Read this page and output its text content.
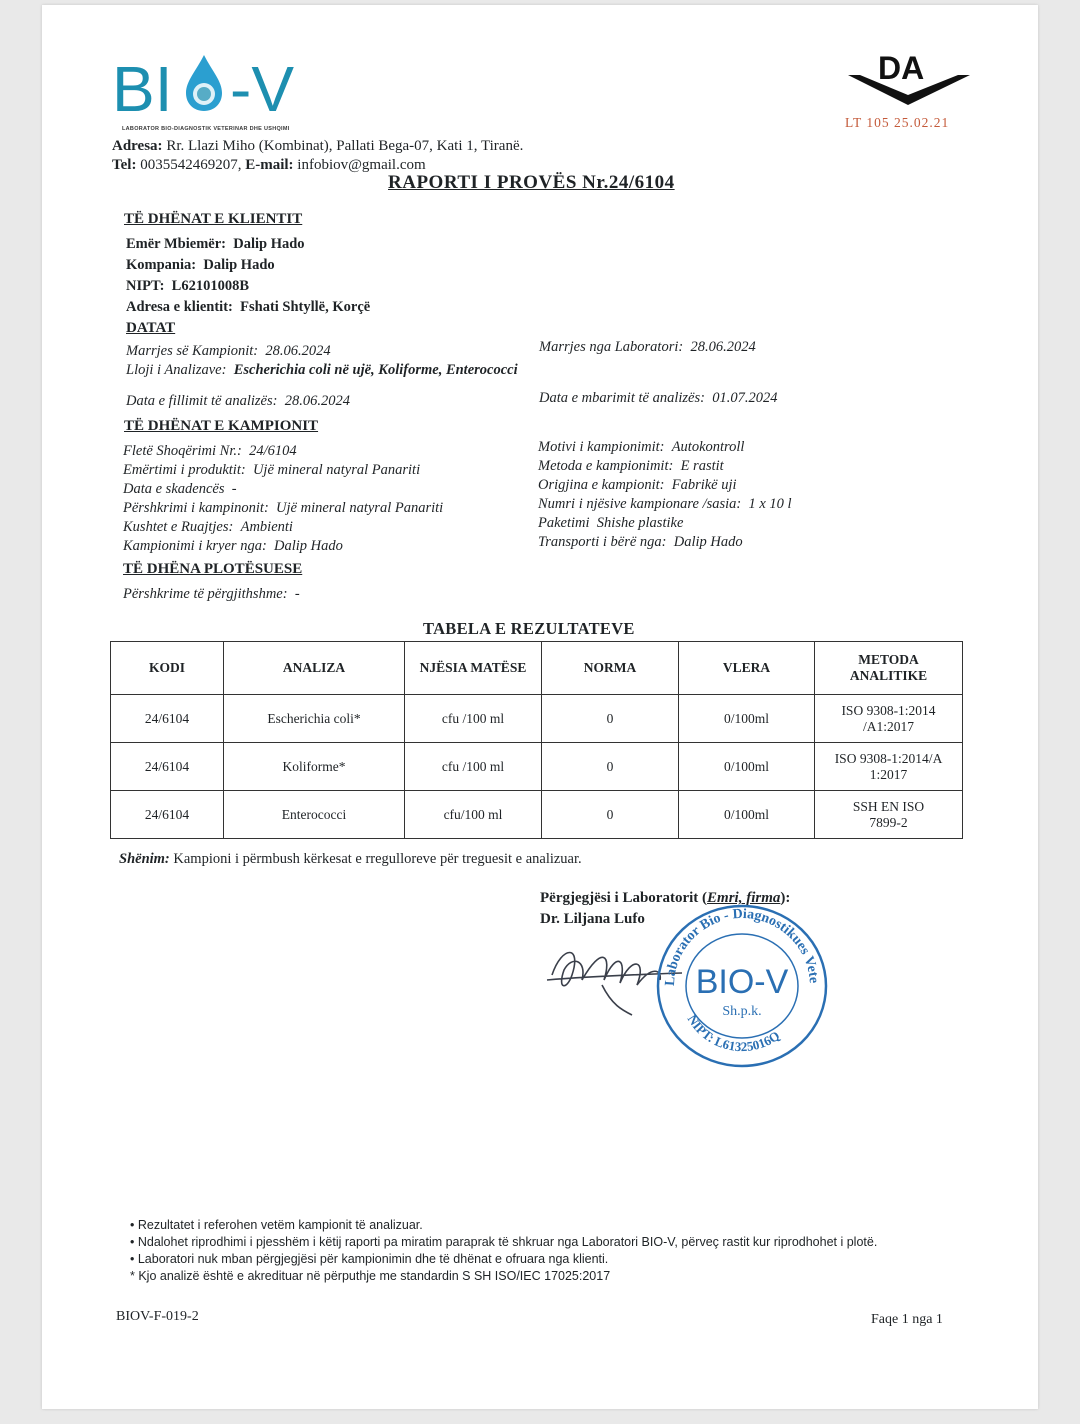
BI -V
LABORATOR BIO-DIAGNOSTIK VETERINAR DHE USHQIMI
DA
LT 105 25.02.21
Adresa: Rr. Llazi Miho (Kombinat), Pallati Bega-07, Kati 1, Tiranë.
Tel: 0035542469207, E-mail: infobiov@gmail.com
RAPORTI I PROVËS Nr.24/6104
TË DHËNAT E KLIENTIT
Emër Mbiemër: Dalip Hado
Kompania: Dalip Hado
NIPT: L62101008B
Adresa e klientit: Fshati Shtyllë, Korçë
DATAT
Marrjes së Kampionit: 28.06.2024	Marrjes nga Laboratori: 28.06.2024
Lloji i Analizave: Escherichia coli në ujë, Koliforme, Enterococci
Data e fillimit të analizës: 28.06.2024	Data e mbarimit të analizës: 01.07.2024
TË DHËNAT E KAMPIONIT
Fletë Shoqërimi Nr.: 24/6104
Emërtimi i produktit: Ujë mineral natyral Panariti
Data e skadencës -
Përshkrimi i kampinonit: Ujë mineral natyral Panariti
Kushtet e Ruajtjes: Ambienti
Kampionimi i kryer nga: Dalip Hado
Motivi i kampionimit: Autokontroll
Metoda e kampionimit: E rastit
Origjina e kampionit: Fabrikë uji
Numri i njësive kampionare /sasia: 1 x 10 l
Paketimi Shishe plastike
Transporti i bërë nga: Dalip Hado
TË DHËNA PLOTËSUESE
Përshkrime të përgjithshme: -
TABELA E REZULTATEVE
KODI	ANALIZA	NJËSIA MATËSE	NORMA	VLERA	METODA
ANALITIKE
24/6104	Escherichia coli*	cfu /100 ml	0	0/100ml	ISO 9308-1:2014
/A1:2017
24/6104	Koliforme*	cfu /100 ml	0	0/100ml	ISO 9308-1:2014/A
1:2017
24/6104	Enterococci	cfu/100 ml	0	0/100ml	SSH EN ISO
7899-2
Shënim: Kampioni i përmbush kërkesat e rregulloreve për treguesit e analizuar.
Përgjegjësi i Laboratorit (Emri, firma):
Dr. Liljana Lufo
Laborator Bio - Diagnostikues Vete
NIPT: L61325016Q
BIO-V
Sh.p.k.
• Rezultatet i referohen vetëm kampionit të analizuar.
• Ndalohet riprodhimi i pjesshëm i këtij raporti pa miratim paraprak të shkruar nga Laboratori BIO-V, përveç rastit kur riprodhohet i plotë.
• Laboratori nuk mban përgjegjësi për kampionimin dhe të dhënat e ofruara nga klienti.
* Kjo analizë është e akredituar në përputhje me standardin S SH ISO/IEC 17025:2017
BIOV-F-019-2	Faqe 1 nga 1
